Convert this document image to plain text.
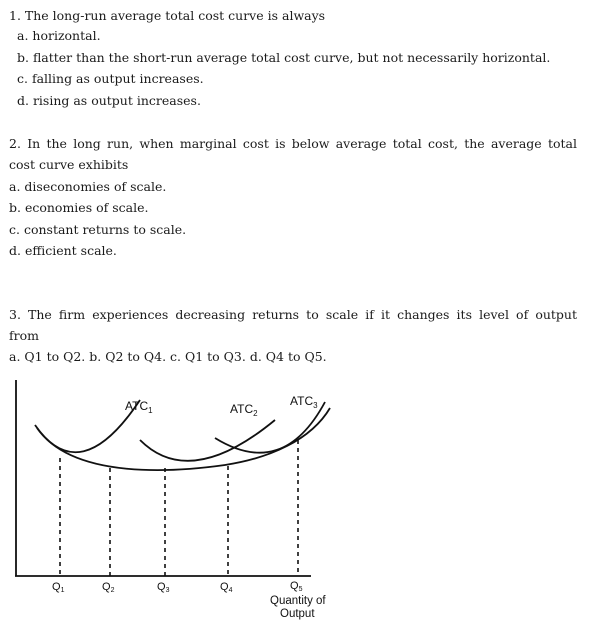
1. The long-run average total cost curve is always
a. horizontal.
b. flatter than the short-run average total cost curve, but not necessarily horizontal.
c. falling as output increases.
d. rising as output increases.
2. In the long run, when marginal cost is below average total cost, the average total
cost curve exhibits
a. diseconomies of scale.
b. economies of scale.
c. constant returns to scale.
d. efficient scale.
3. The firm experiences decreasing returns to scale if it changes its level of output
from
a. Q1 to Q2. b. Q2 to Q4. c. Q1 to Q3. d. Q4 to Q5.
$ATC_1$	$ATC_2$
$ATC_3$
Q1	Q2	Q3	Q4	Q5
Quantity of
Output
